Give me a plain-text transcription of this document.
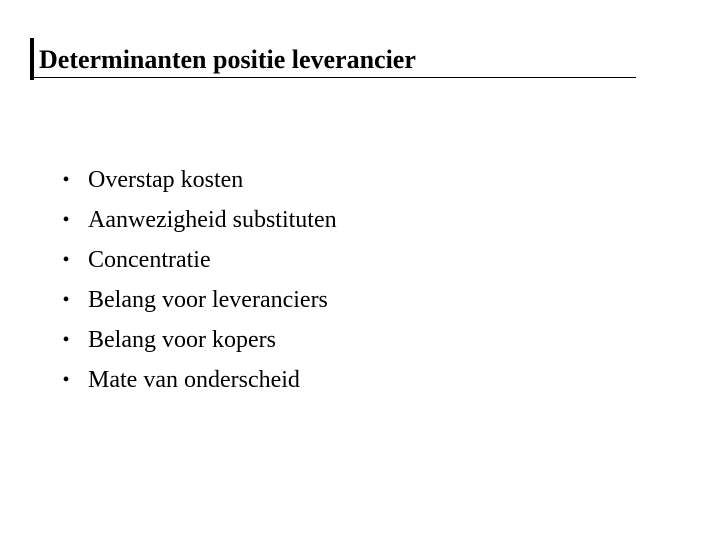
Determinanten positie leverancier
• Overstap kosten
• Aanwezigheid substituten
• Concentratie
• Belang voor leveranciers
• Belang voor kopers
• Mate van onderscheid
